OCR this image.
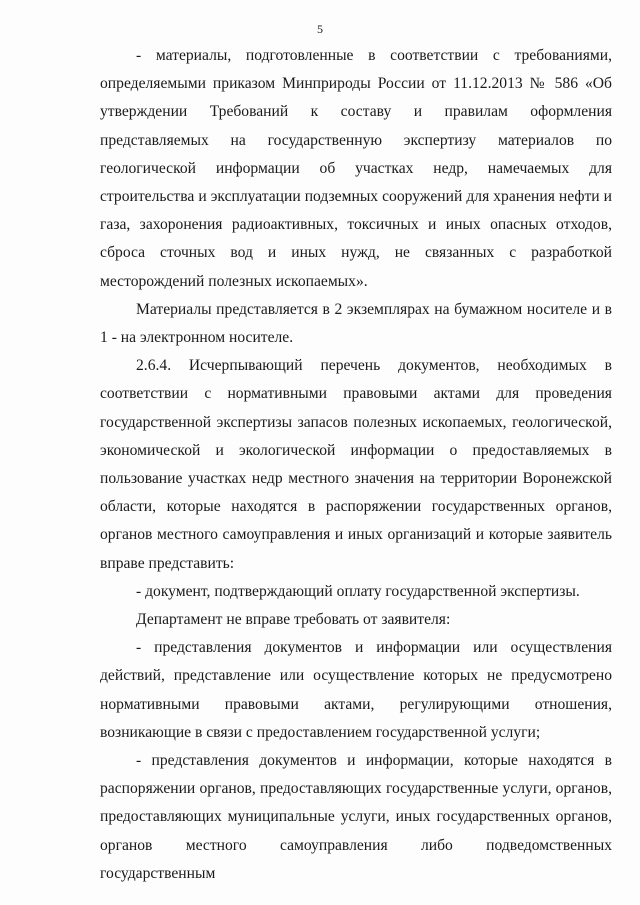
5

- материалы, подготовленные в соответствии с требованиями, определяемыми приказом Минприроды России от 11.12.2013 № 586 «Об утверждении Требований к составу и правилам оформления представляемых на государственную экспертизу материалов по геологической информации об участках недр, намечаемых для строительства и эксплуатации подземных сооружений для хранения нефти и газа, захоронения радиоактивных, токсичных и иных опасных отходов, сброса сточных вод и иных нужд, не связанных с разработкой месторождений полезных ископаемых».

Материалы представляется в 2 экземплярах на бумажном носителе и в 1 - на электронном носителе.

2.6.4. Исчерпывающий перечень документов, необходимых в соответствии с нормативными правовыми актами для проведения государственной экспертизы запасов полезных ископаемых, геологической, экономической и экологической информации о предоставляемых в пользование участках недр местного значения на территории Воронежской области, которые находятся в распоряжении государственных органов, органов местного самоуправления и иных организаций и которые заявитель вправе представить:

- документ, подтверждающий оплату государственной экспертизы.

Департамент не вправе требовать от заявителя:

- представления документов и информации или осуществления действий, представление или осуществление которых не предусмотрено нормативными правовыми актами, регулирующими отношения, возникающие в связи с предоставлением государственной услуги;

- представления документов и информации, которые находятся в распоряжении органов, предоставляющих государственные услуги, органов, предоставляющих муниципальные услуги, иных государственных органов, органов местного самоуправления либо подведомственных государственным
